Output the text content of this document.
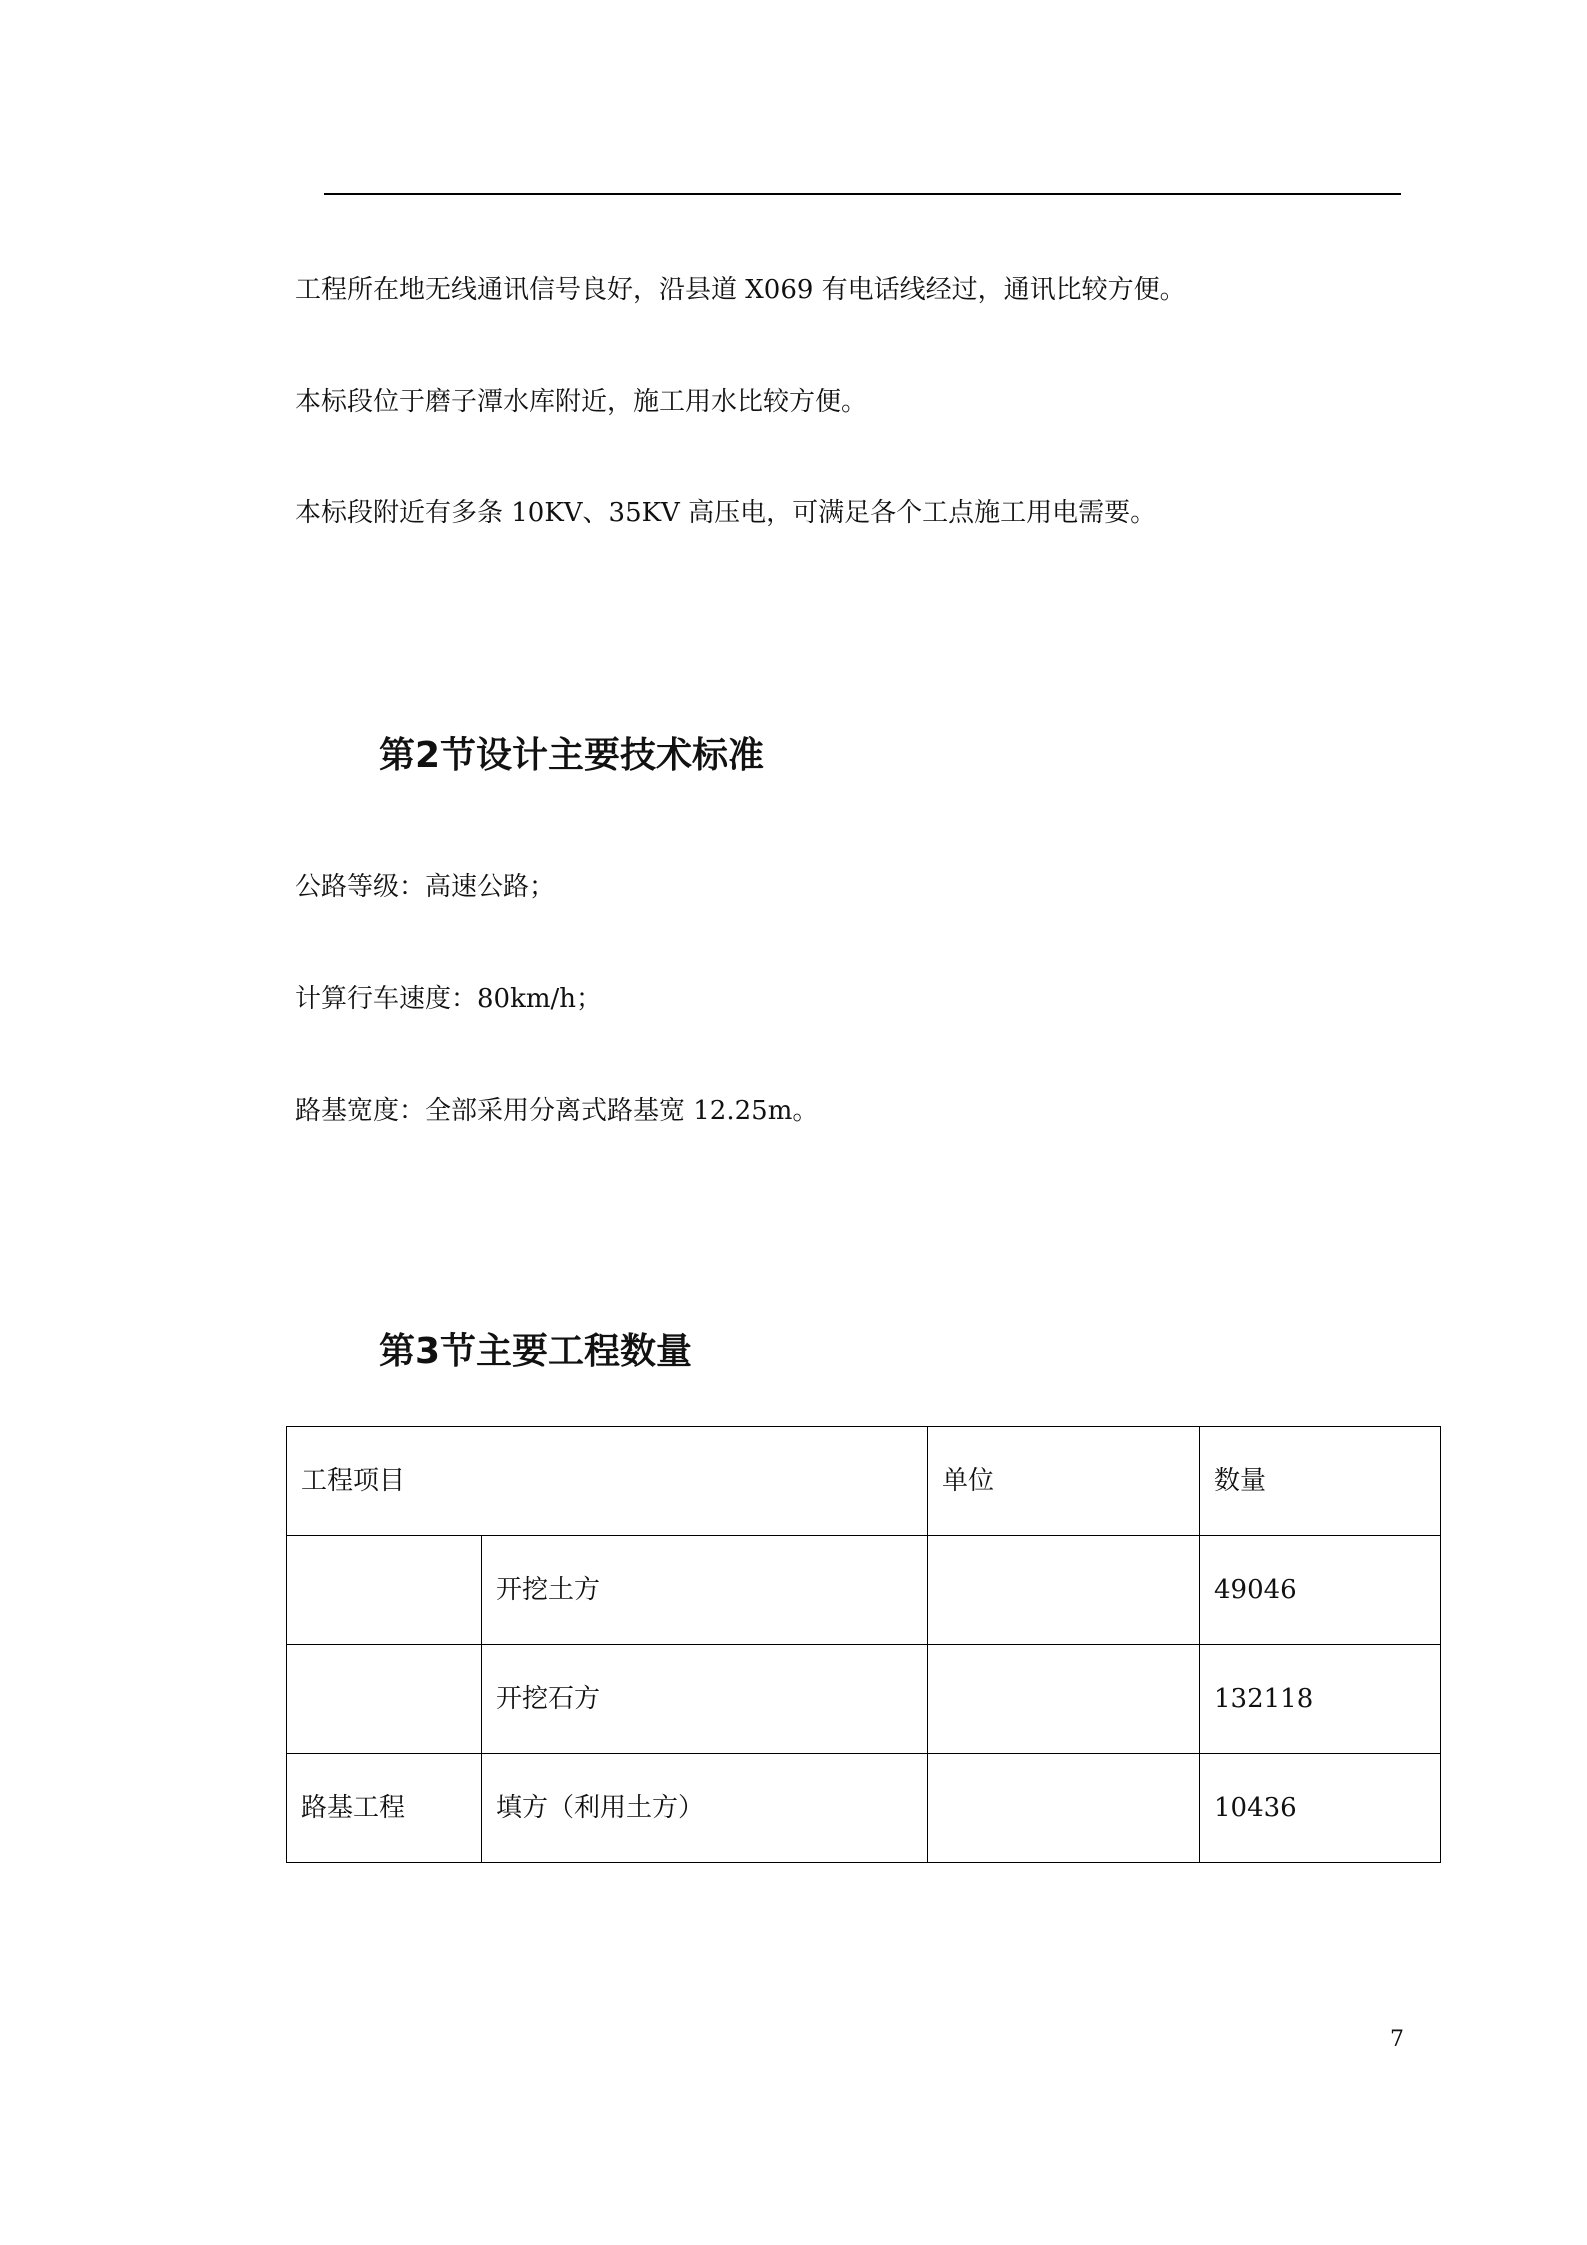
工程所在地无线通讯信号良好，沿县道 X069 有电话线经过，通讯比较方便。

本标段位于磨子潭水库附近，施工用水比较方便。

本标段附近有多条 10KV、35KV 高压电，可满足各个工点施工用电需要。

第2节设计主要技术标准

公路等级：高速公路；

计算行车速度：80km/h；

路基宽度：全部采用分离式路基宽 12.25m。

第3节主要工程数量
工程项目		单位	数量
	开挖土方		49046
	开挖石方		132118
路基工程	填方（利用土方）		10436
7
